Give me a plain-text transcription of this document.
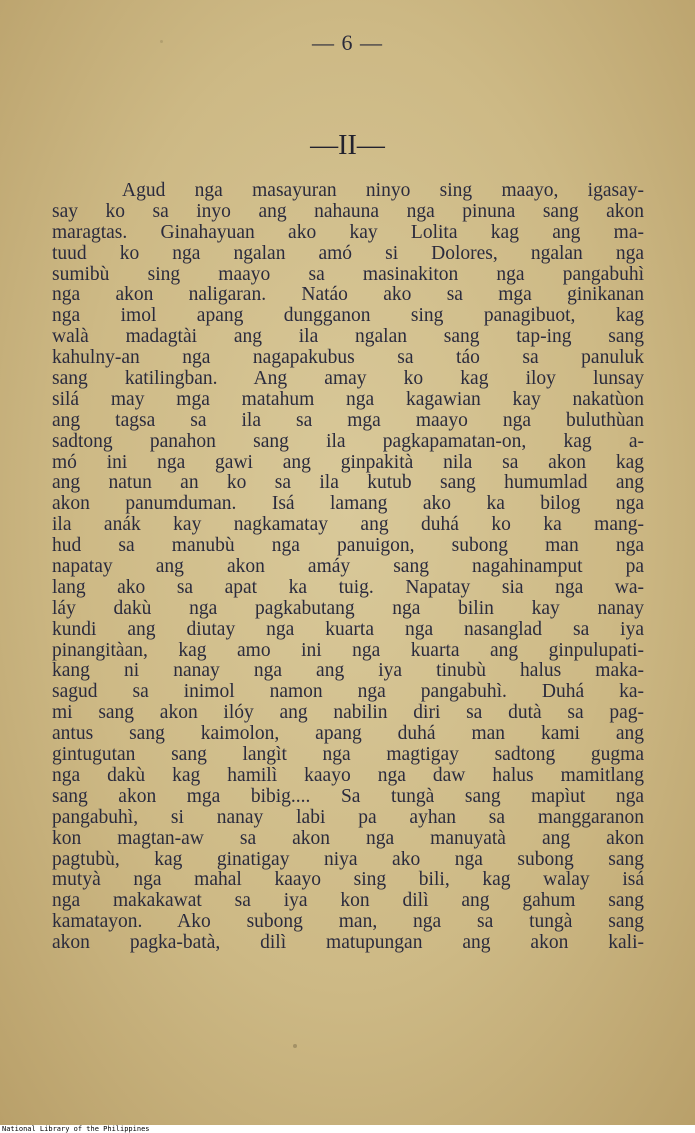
— 6 —
—II—
Agud nga masayuran ninyo sing maayo, igasay-
say ko sa inyo ang nahauna nga pinuna sang akon
maragtas. Ginahayuan ako kay Lolita kag ang ma-
tuud ko nga ngalan amó si Dolores, ngalan nga
sumibù sing maayo sa masinakiton nga pangabuhì
nga akon naligaran. Natáo ako sa mga ginikanan
nga imol apang dungganon sing panagibuot, kag
walà madagtài ang ila ngalan sang tap-ing sang
kahulny-an nga nagapakubus sa táo sa panuluk
sang katilingban. Ang amay ko kag iloy lunsay
silá may mga matahum nga kagawian kay nakatùon
ang tagsa sa ila sa mga maayo nga buluthùan
sadtong panahon sang ila pagkapamatan-on, kag a-
mó ini nga gawi ang ginpakità nila sa akon kag
ang natun an ko sa ila kutub sang humumlad ang
akon panumduman. Isá lamang ako ka bilog nga
ila anák kay nagkamatay ang duhá ko ka mang-
hud sa manubù nga panuigon, subong man nga
napatay ang akon amáy sang nagahinamput pa
lang ako sa apat ka tuig. Napatay sia nga wa-
láy dakù nga pagkabutang nga bilin kay nanay
kundi ang diutay nga kuarta nga nasanglad sa iya
pinangitàan, kag amo ini nga kuarta ang ginpulupati-
kang ni nanay nga ang iya tinubù halus maka-
sagud sa inimol namon nga pangabuhì. Duhá ka-
mi sang akon ilóy ang nabilin diri sa dutà sa pag-
antus sang kaimolon, apang duhá man kami ang
gintugutan sang langìt nga magtigay sadtong gugma
nga dakù kag hamilì kaayo nga daw halus mamitlang
sang akon mga bibig.... Sa tungà sang mapìut nga
pangabuhì, si nanay labi pa ayhan sa manggaranon
kon magtan-aw sa akon nga manuyatà ang akon
pagtubù, kag ginatigay niya ako nga subong sang
mutyà nga mahal kaayo sing bili, kag walay isá
nga makakawat sa iya kon dilì ang gahum sang
kamatayon. Ako subong man, nga sa tungà sang
akon pagka-batà, dilì matupungan ang akon kali-
National Library of the Philippines
